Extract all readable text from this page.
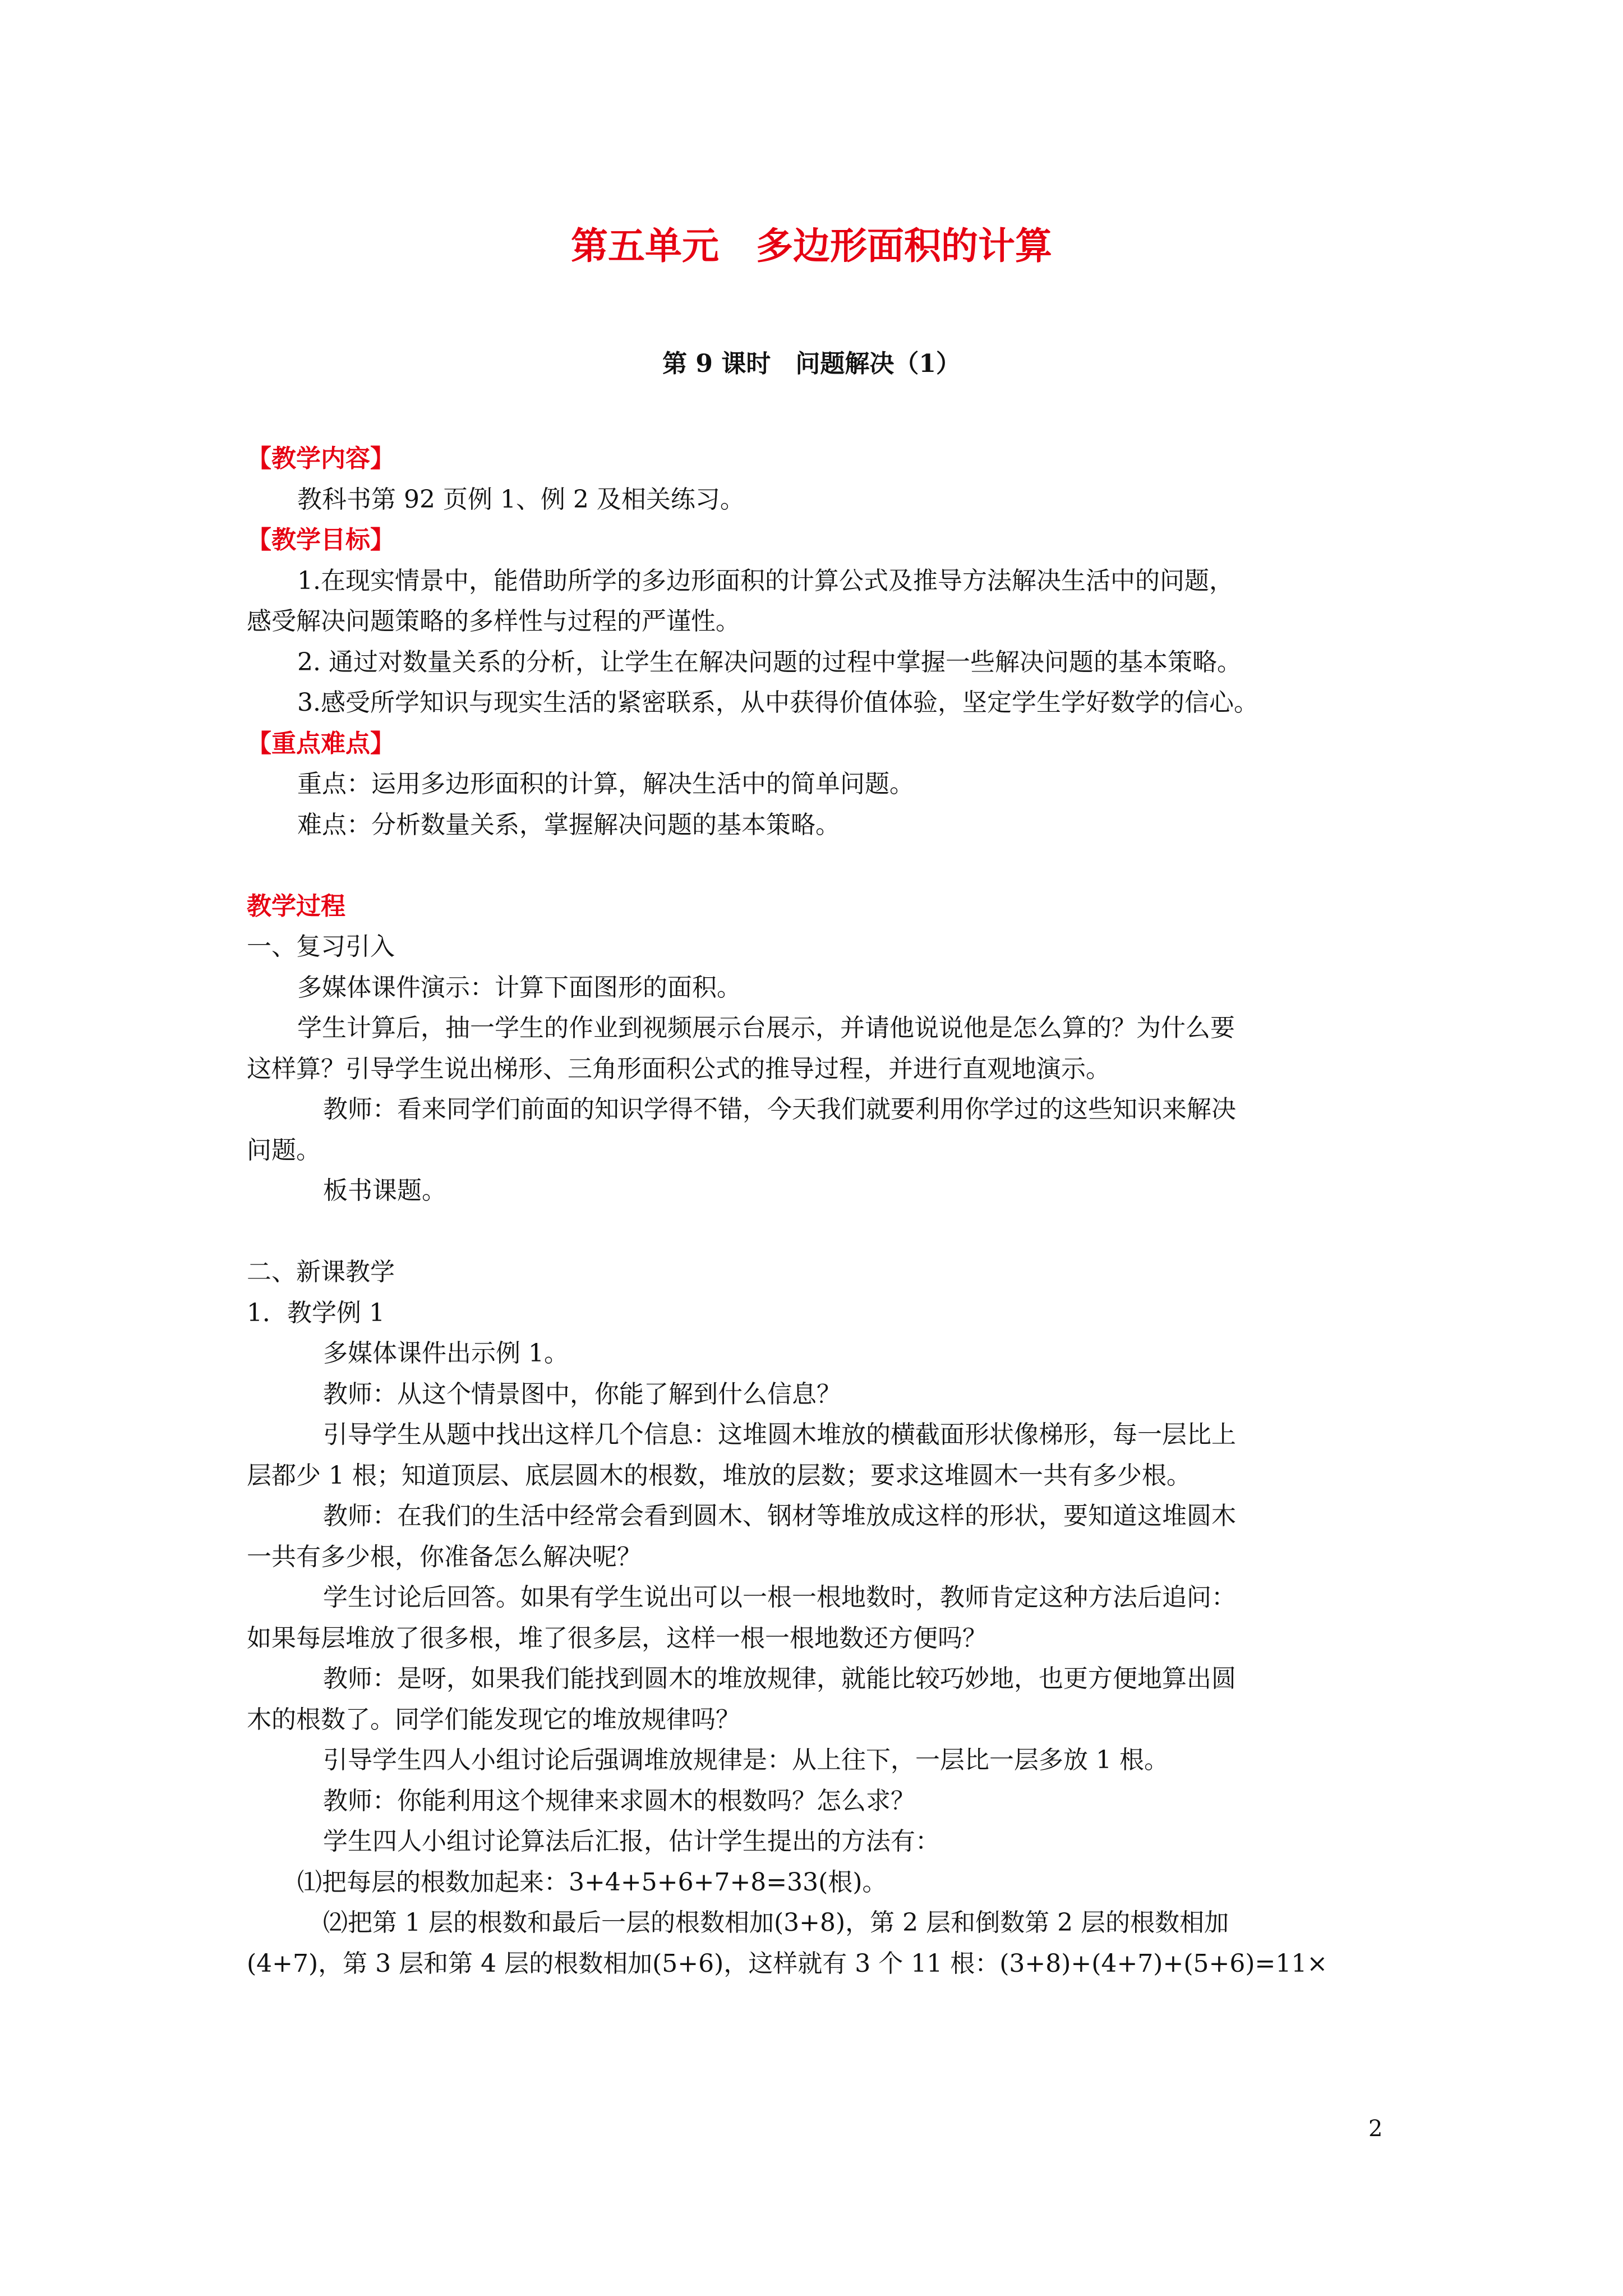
第五单元　多边形面积的计算
第 9 课时　问题解决（1）

【教学内容】

教科书第 92 页例 1、例 2 及相关练习。

【教学目标】

1.在现实情景中，能借助所学的多边形面积的计算公式及推导方法解决生活中的问题，

感受解决问题策略的多样性与过程的严谨性。

2. 通过对数量关系的分析，让学生在解决问题的过程中掌握一些解决问题的基本策略。

3.感受所学知识与现实生活的紧密联系，从中获得价值体验，坚定学生学好数学的信心。

【重点难点】

重点：运用多边形面积的计算，解决生活中的简单问题。

难点：分析数量关系，掌握解决问题的基本策略。

教学过程

一、复习引入

多媒体课件演示：计算下面图形的面积。

学生计算后，抽一学生的作业到视频展示台展示，并请他说说他是怎么算的？为什么要

这样算？引导学生说出梯形、三角形面积公式的推导过程，并进行直观地演示。

教师：看来同学们前面的知识学得不错，今天我们就要利用你学过的这些知识来解决

问题。

板书课题。

二、新课教学

1．教学例 1

多媒体课件出示例 1。

教师：从这个情景图中，你能了解到什么信息？

引导学生从题中找出这样几个信息：这堆圆木堆放的横截面形状像梯形，每一层比上

层都少 1 根；知道顶层、底层圆木的根数，堆放的层数；要求这堆圆木一共有多少根。

教师：在我们的生活中经常会看到圆木、钢材等堆放成这样的形状，要知道这堆圆木

一共有多少根，你准备怎么解决呢？

学生讨论后回答。如果有学生说出可以一根一根地数时，教师肯定这种方法后追问：

如果每层堆放了很多根，堆了很多层，这样一根一根地数还方便吗？

教师：是呀，如果我们能找到圆木的堆放规律，就能比较巧妙地，也更方便地算出圆

木的根数了。同学们能发现它的堆放规律吗？

引导学生四人小组讨论后强调堆放规律是：从上往下，一层比一层多放 1 根。

教师：你能利用这个规律来求圆木的根数吗？怎么求？

学生四人小组讨论算法后汇报，估计学生提出的方法有：

⑴把每层的根数加起来：3+4+5+6+7+8=33(根)。

⑵把第 1 层的根数和最后一层的根数相加(3+8)，第 2 层和倒数第 2 层的根数相加

(4+7)，第 3 层和第 4 层的根数相加(5+6)，这样就有 3 个 11 根：(3+8)+(4+7)+(5+6)=11×

2
